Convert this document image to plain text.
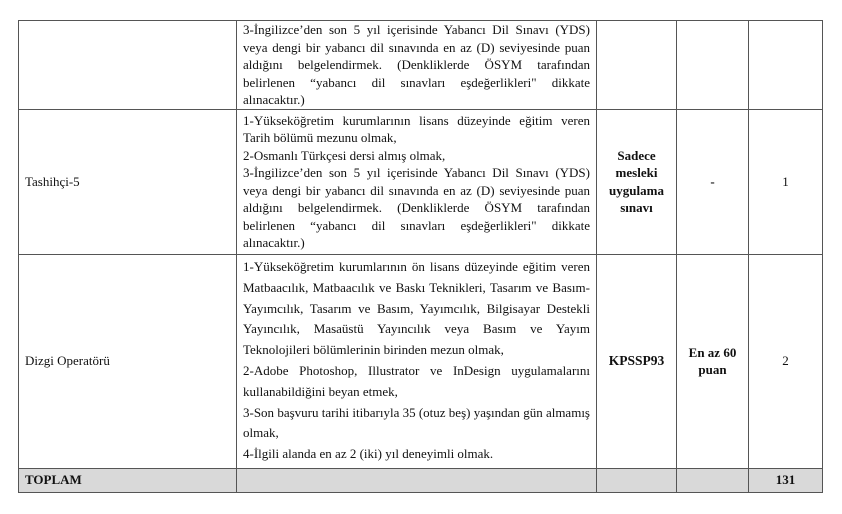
	3-İngilizce’den son 5 yıl içerisinde Yabancı Dil Sınavı (YDS) veya dengi bir yabancı dil sınavında en az (D) seviyesinde puan aldığını belgelendirmek. (Denkliklerde ÖSYM tarafından belirlenen “yabancı dil sınavları eşdeğerlikleri" dikkate alınacaktır.)			

Tashihçi-5	1-Yükseköğretim kurumlarının lisans düzeyinde eğitim veren Tarih bölümü mezunu olmak,

2-Osmanlı Türkçesi dersi almış olmak,

3-İngilizce’den son 5 yıl içerisinde Yabancı Dil Sınavı (YDS) veya dengi bir yabancı dil sınavında en az (D) seviyesinde puan aldığını belgelendirmek. (Denkliklerde ÖSYM tarafından belirlenen “yabancı dil sınavları eşdeğerlikleri" dikkate alınacaktır.)	Sadece mesleki uygulama sınavı	-	1
Dizgi Operatörü	1-Yükseköğretim kurumlarının ön lisans düzeyinde eğitim veren Matbaacılık, Matbaacılık ve Baskı Teknikleri, Tasarım ve Basım-Yayımcılık, Tasarım ve Basım, Yayımcılık, Bilgisayar Destekli Yayıncılık, Masaüstü Yayıncılık veya Basım ve Yayım Teknolojileri bölümlerinin birinden mezun olmak,

2-Adobe Photoshop, Illustrator ve InDesign uygulamalarını kullanabildiğini beyan etmek,

3-Son başvuru tarihi itibarıyla 35 (otuz beş) yaşından gün almamış olmak,

4-İlgili alanda en az 2 (iki) yıl deneyimli olmak.	KPSSP93	En az 60 puan	2
TOPLAM				131
